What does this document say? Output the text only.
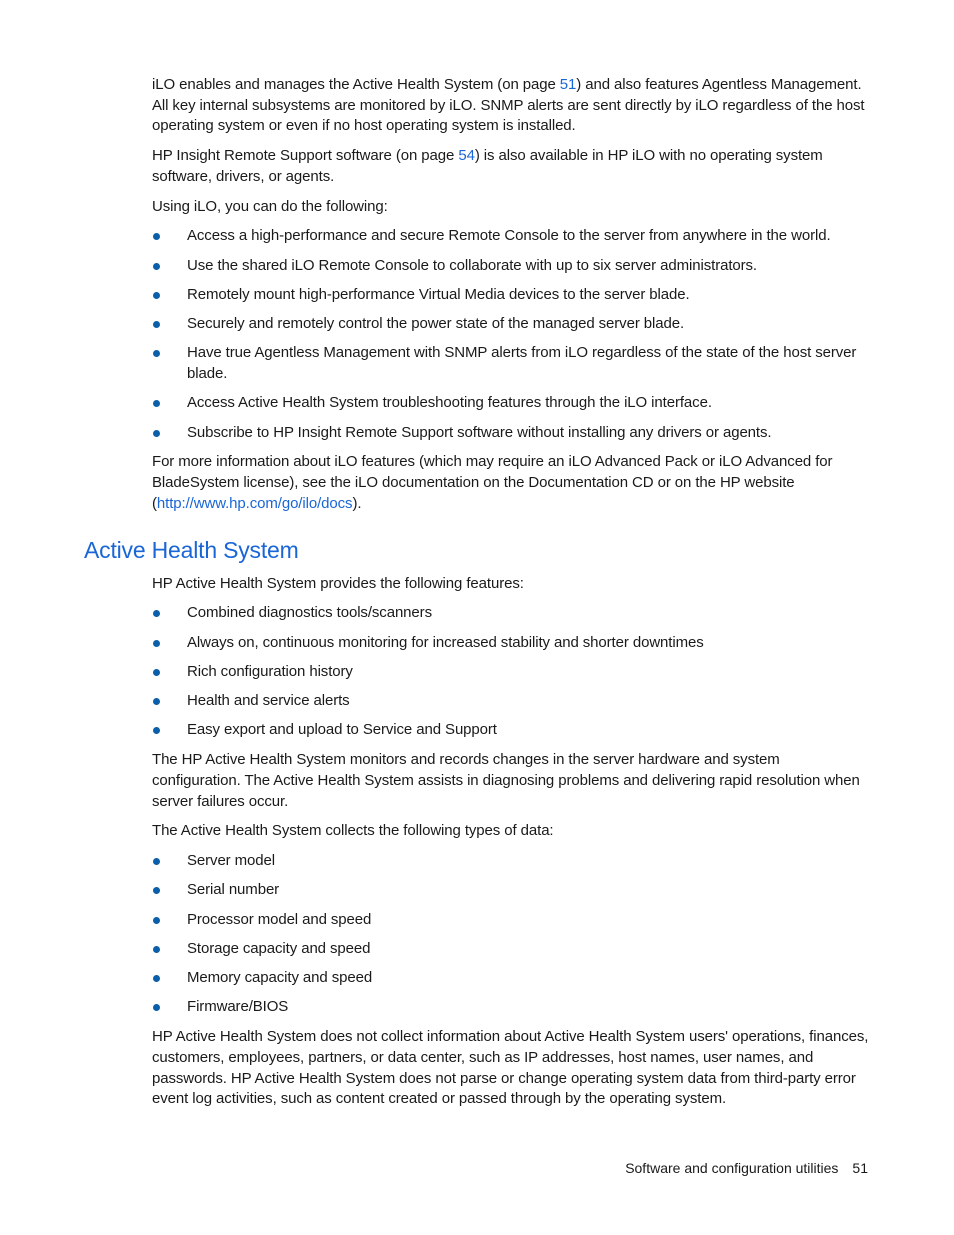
iLO enables and manages the Active Health System (on page 51) and also features Agentless Management. All key internal subsystems are monitored by iLO. SNMP alerts are sent directly by iLO regardless of the host operating system or even if no host operating system is installed.

HP Insight Remote Support software (on page 54) is also available in HP iLO with no operating system software, drivers, or agents.

Using iLO, you can do the following:

Access a high-performance and secure Remote Console to the server from anywhere in the world.
Use the shared iLO Remote Console to collaborate with up to six server administrators.
Remotely mount high-performance Virtual Media devices to the server blade.
Securely and remotely control the power state of the managed server blade.
Have true Agentless Management with SNMP alerts from iLO regardless of the state of the host server blade.
Access Active Health System troubleshooting features through the iLO interface.
Subscribe to HP Insight Remote Support software without installing any drivers or agents.

For more information about iLO features (which may require an iLO Advanced Pack or iLO Advanced for BladeSystem license), see the iLO documentation on the Documentation CD or on the HP website (http://www.hp.com/go/ilo/docs).

Active Health System

HP Active Health System provides the following features:

Combined diagnostics tools/scanners
Always on, continuous monitoring for increased stability and shorter downtimes
Rich configuration history
Health and service alerts
Easy export and upload to Service and Support

The HP Active Health System monitors and records changes in the server hardware and system configuration. The Active Health System assists in diagnosing problems and delivering rapid resolution when server failures occur.

The Active Health System collects the following types of data:

Server model
Serial number
Processor model and speed
Storage capacity and speed
Memory capacity and speed
Firmware/BIOS

HP Active Health System does not collect information about Active Health System users' operations, finances, customers, employees, partners, or data center, such as IP addresses, host names, user names, and passwords. HP Active Health System does not parse or change operating system data from third-party error event log activities, such as content created or passed through by the operating system.

Software and configuration utilities 51
